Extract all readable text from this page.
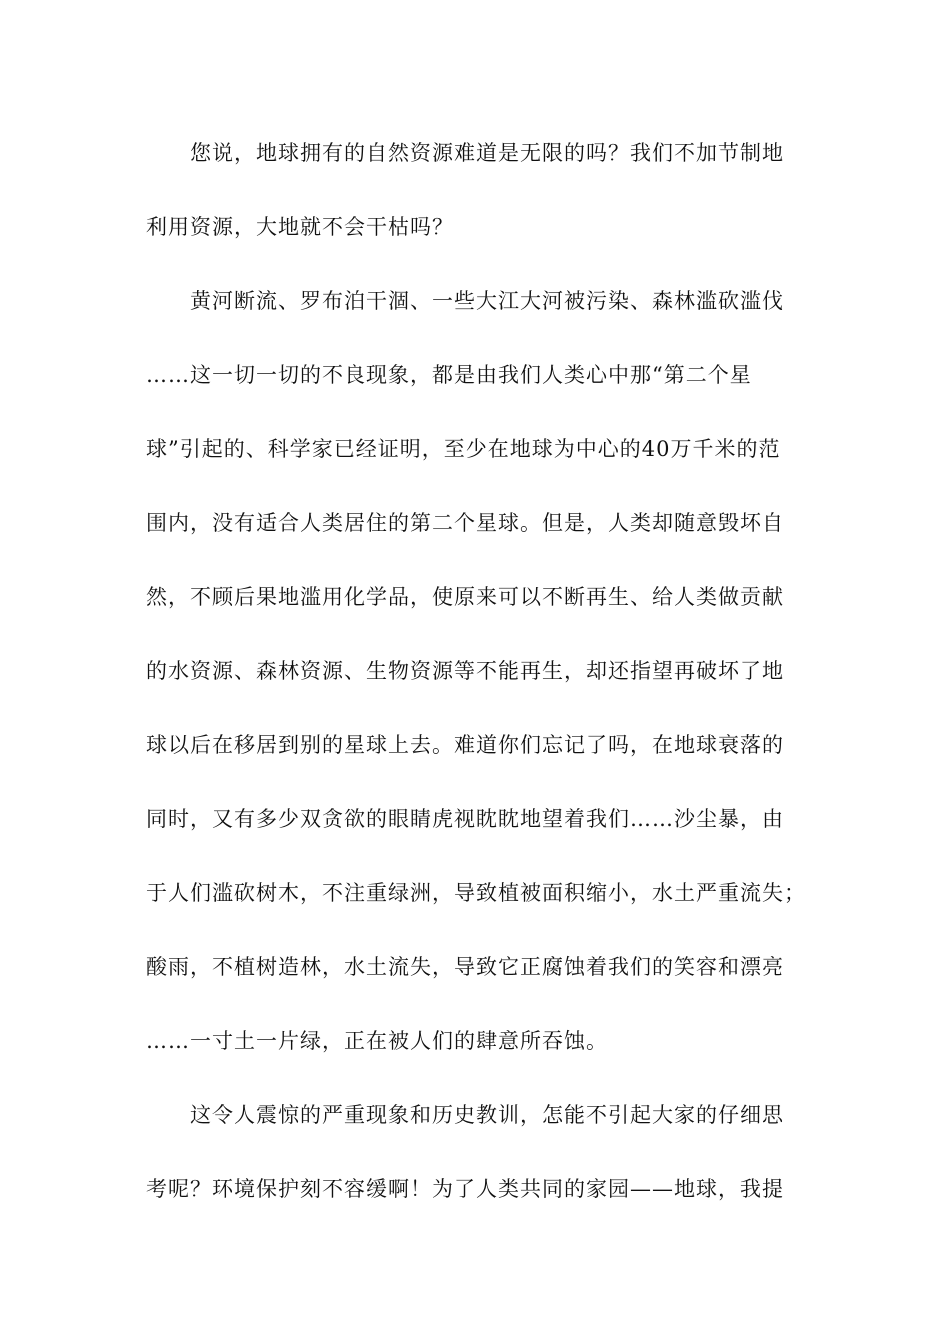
您说，地球拥有的自然资源难道是无限的吗？我们不加节制地
利用资源，大地就不会干枯吗？
黄河断流、罗布泊干涸、一些大江大河被污染、森林滥砍滥伐
……这一切一切的不良现象，都是由我们人类心中那“第二个星
球”引起的、科学家已经证明，至少在地球为中心的40万千米的范
围内，没有适合人类居住的第二个星球。但是，人类却随意毁坏自
然，不顾后果地滥用化学品，使原来可以不断再生、给人类做贡献
的水资源、森林资源、生物资源等不能再生，却还指望再破坏了地
球以后在移居到别的星球上去。难道你们忘记了吗，在地球衰落的
同时，又有多少双贪欲的眼睛虎视眈眈地望着我们……沙尘暴，由
于人们滥砍树木，不注重绿洲，导致植被面积缩小，水土严重流失；
酸雨，不植树造林，水土流失，导致它正腐蚀着我们的笑容和漂亮
……一寸土一片绿，正在被人们的肆意所吞蚀。
这令人震惊的严重现象和历史教训，怎能不引起大家的仔细思
考呢？环境保护刻不容缓啊！为了人类共同的家园——地球，我提
